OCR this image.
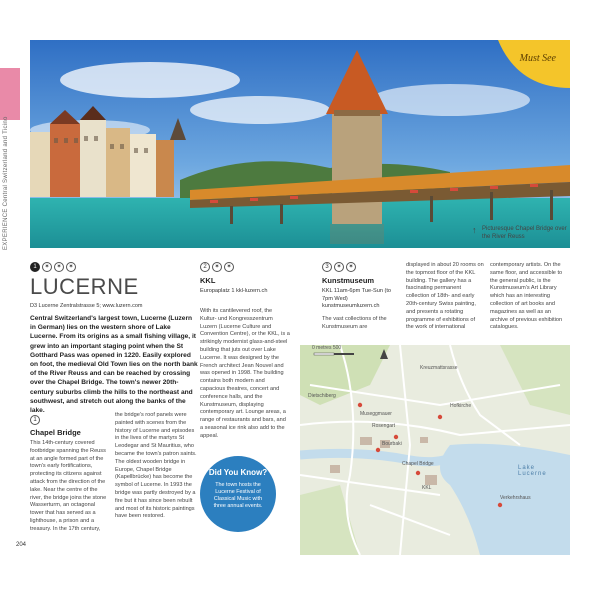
EXPERIENCE Central Switzerland and Ticino
Must See
↑ Picturesque Chapel Bridge over the River Reuss
1	✶	✶	✶
LUCERNE
D3 Lucerne Zentralstrasse 5; www.luzern.com

Central Switzerland's largest town, Lucerne (Luzern in German) lies on the western shore of Lake Lucerne. From its origins as a small fishing village, it grew into an important staging point when the St Gotthard Pass was opened in 1220. Easily explored on foot, the medieval Old Town lies on the north bank of the River Reuss and can be reached by crossing over the Chapel Bridge. The town's newer 20th-century suburbs climb the hills to the northeast and southwest, and stretch out along the banks of the lake.

1
Chapel Bridge

This 14th-century covered footbridge spanning the Reuss at an angle formed part of the town's early fortifications, protecting its citizens against attack from the direction of the lake. Near the centre of the river, the bridge joins the stone Wasserturm, an octagonal tower that has served as a lighthouse, a prison and a treasury. In the 17th century,

the bridge's roof panels were painted with scenes from the history of Lucerne and episodes in the lives of the martyrs St Leodegar and St Mauritius, who became the town's patron saints.
The oldest wooden bridge in Europe, Chapel Bridge (Kapellbrücke) has become the symbol of Lucerne. In 1993 the bridge was partly destroyed by a fire but it has since been rebuilt and most of its historic paintings have been restored.

2	✶	✶
KKL

Europaplatz 1 kkl-luzern.ch

With its cantilevered roof, the Kultur- und Kongresszentrum Luzern (Lucerne Culture and Convention Centre), or the KKL, is a strikingly modernist glass-and-steel building that juts out over Lake Lucerne. It was designed by the French architect Jean Nouvel and was opened in 1998. The building contains both modern and capacious theatres, concert and conference halls, and the Kunstmuseum, displaying contemporary art. Lounge areas, a range of restaurants and bars, and a seasonal ice rink also add to the appeal.

3	✶	✶
Kunstmuseum

KKL 11am-6pm Tue-Sun (to 7pm Wed) kunstmuseumluzern.ch

The vast collections of the Kunstmuseum are

displayed in about 20 rooms on the topmost floor of the KKL building. The gallery has a fascinating permanent collection of 18th- and early 20th-century Swiss painting, and presents a rotating programme of exhibitions of the work of international

contemporary artists. On the same floor, and accessible to the general public, is the Kunstmuseum's Art Library which has an interesting collection of art books and magazines as well as an archive of previous exhibition catalogues.

Did You Know?
The town hosts the Lucerne Festival of Classical Music with three annual events.
0 metres 500
Dietschiberg
Kreuzmattsrasse
Hofkirche
Rosengart
Bourbaki
Museggmauer
Chapel Bridge
KKL
Verkehrshaus
Lake Lucerne
204
